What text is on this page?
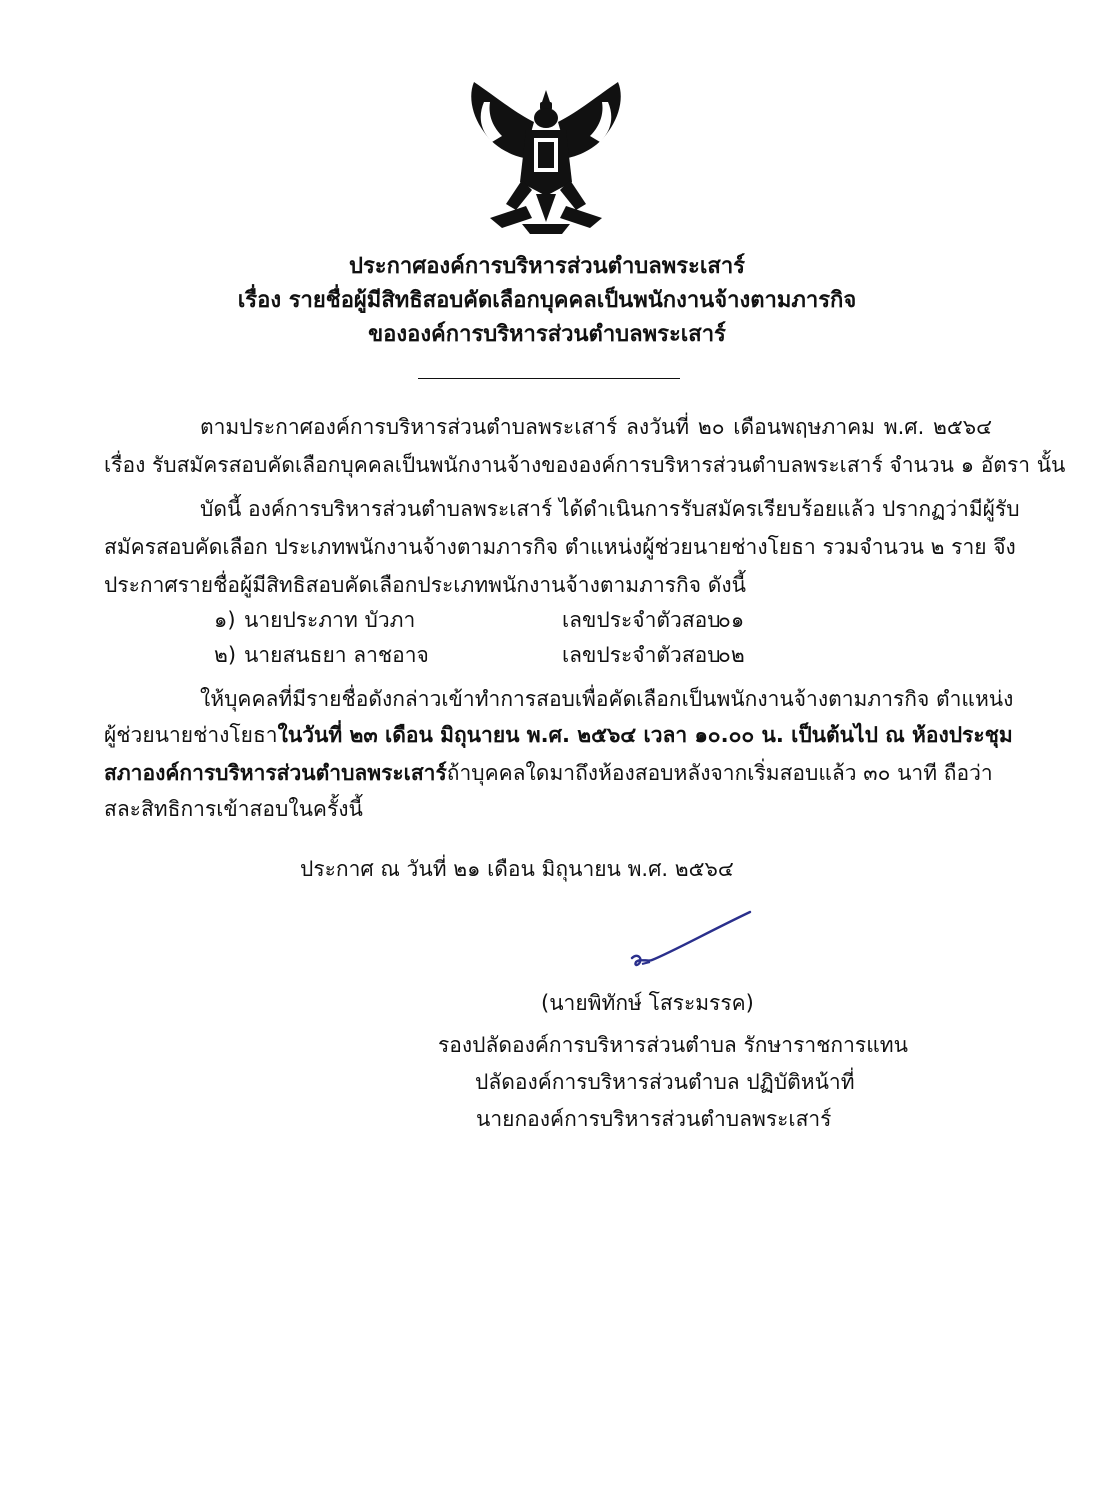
ประกาศองค์การบริหารส่วนตำบลพระเสาร์
เรื่อง รายชื่อผู้มีสิทธิสอบคัดเลือกบุคคลเป็นพนักงานจ้างตามภารกิจ
ขององค์การบริหารส่วนตำบลพระเสาร์
ตามประกาศองค์การบริหารส่วนตำบลพระเสาร์ ลงวันที่ ๒๐ เดือนพฤษภาคม พ.ศ. ๒๕๖๔
เรื่อง รับสมัครสอบคัดเลือกบุคคลเป็นพนักงานจ้างขององค์การบริหารส่วนตำบลพระเสาร์ จำนวน ๑ อัตรา นั้น
บัดนี้ องค์การบริหารส่วนตำบลพระเสาร์ ได้ดำเนินการรับสมัครเรียบร้อยแล้ว ปรากฏว่ามีผู้รับ
สมัครสอบคัดเลือก ประเภทพนักงานจ้างตามภารกิจ ตำแหน่งผู้ช่วยนายช่างโยธา รวมจำนวน ๒ ราย จึง
ประกาศรายชื่อผู้มีสิทธิสอบคัดเลือกประเภทพนักงานจ้างตามภารกิจ ดังนี้
๑) นายประภาท บัวภา	เลขประจำตัวสอบ
๐๑
๒) นายสนธยา ลาชอาจ	เลขประจำตัวสอบ
๐๒
ให้บุคคลที่มีรายชื่อดังกล่าวเข้าทำการสอบเพื่อคัดเลือกเป็นพนักงานจ้างตามภารกิจ ตำแหน่ง
ผู้ช่วยนายช่างโยธา ในวันที่ ๒๓ เดือน มิถุนายน พ.ศ. ๒๕๖๔ เวลา ๑๐.๐๐ น. เป็นต้นไป ณ ห้องประชุม
สภาองค์การบริหารส่วนตำบลพระเสาร์ ถ้าบุคคลใดมาถึงห้องสอบหลังจากเริ่มสอบแล้ว ๓๐ นาที ถือว่า
สละสิทธิการเข้าสอบในครั้งนี้
ประกาศ ณ วันที่ ๒๑ เดือน มิถุนายน พ.ศ. ๒๕๖๔
(นายพิทักษ์ โสระมรรค)
รองปลัดองค์การบริหารส่วนตำบล รักษาราชการแทน
ปลัดองค์การบริหารส่วนตำบล ปฏิบัติหน้าที่
นายกองค์การบริหารส่วนตำบลพระเสาร์
